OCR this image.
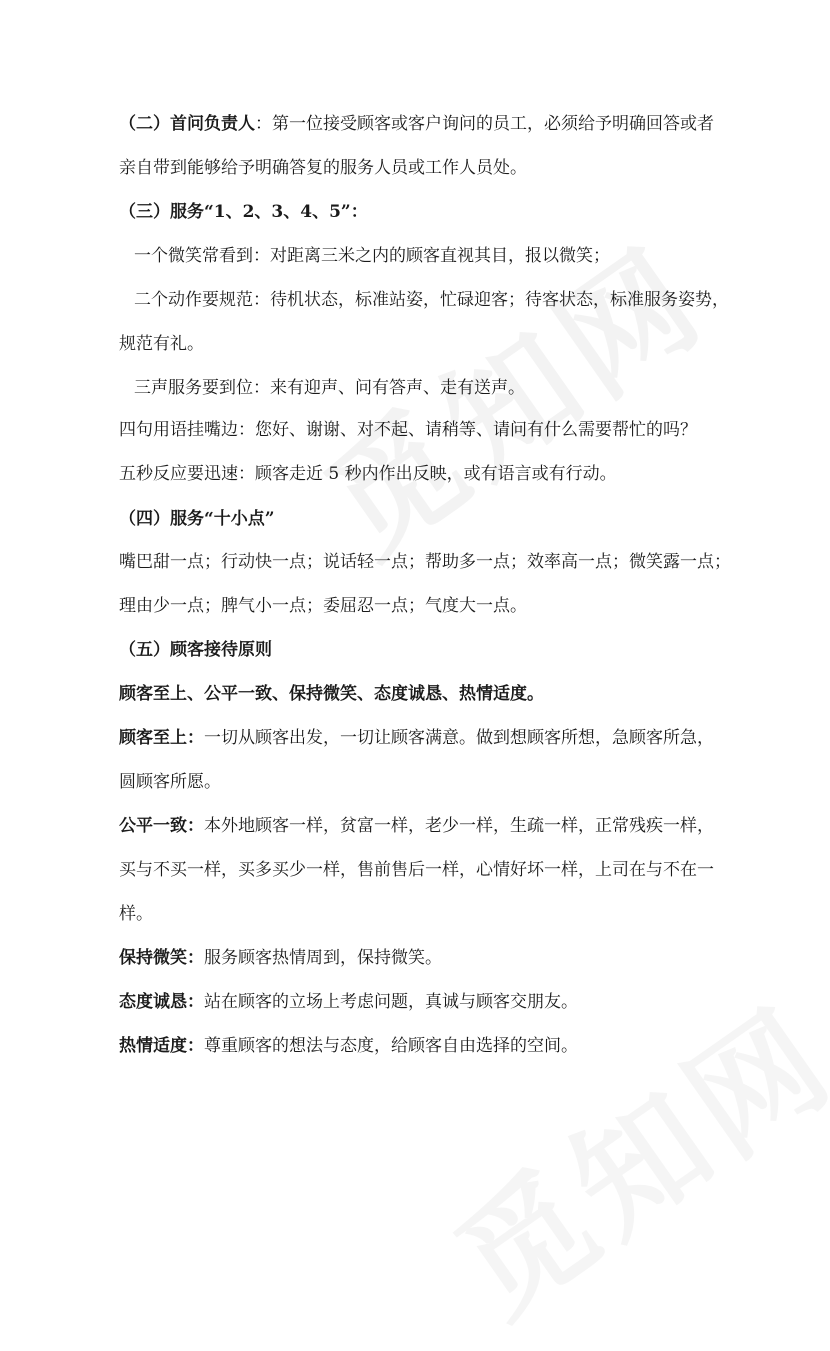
（二）首问负责人：第一位接受顾客或客户询问的员工，必须给予明确回答或者
亲自带到能够给予明确答复的服务人员或工作人员处。
（三）服务“1、2、3、4、5”：
一个微笑常看到：对距离三米之内的顾客直视其目，报以微笑；
二个动作要规范：待机状态，标准站姿，忙碌迎客；待客状态，标准服务姿势，
规范有礼。
三声服务要到位：来有迎声、问有答声、走有送声。
四句用语挂嘴边：您好、谢谢、对不起、请稍等、请问有什么需要帮忙的吗？
五秒反应要迅速：顾客走近 5 秒内作出反映，或有语言或有行动。
（四）服务“十小点”
嘴巴甜一点；行动快一点；说话轻一点；帮助多一点；效率高一点；微笑露一点；
理由少一点；脾气小一点；委屈忍一点；气度大一点。
（五）顾客接待原则
顾客至上、公平一致、保持微笑、态度诚恳、热情适度。
顾客至上：一切从顾客出发，一切让顾客满意。做到想顾客所想，急顾客所急，
圆顾客所愿。
公平一致：本外地顾客一样，贫富一样，老少一样，生疏一样，正常残疾一样，
买与不买一样，买多买少一样，售前售后一样，心情好坏一样，上司在与不在一
样。
保持微笑：服务顾客热情周到，保持微笑。
态度诚恳：站在顾客的立场上考虑问题，真诚与顾客交朋友。
热情适度：尊重顾客的想法与态度，给顾客自由选择的空间。
